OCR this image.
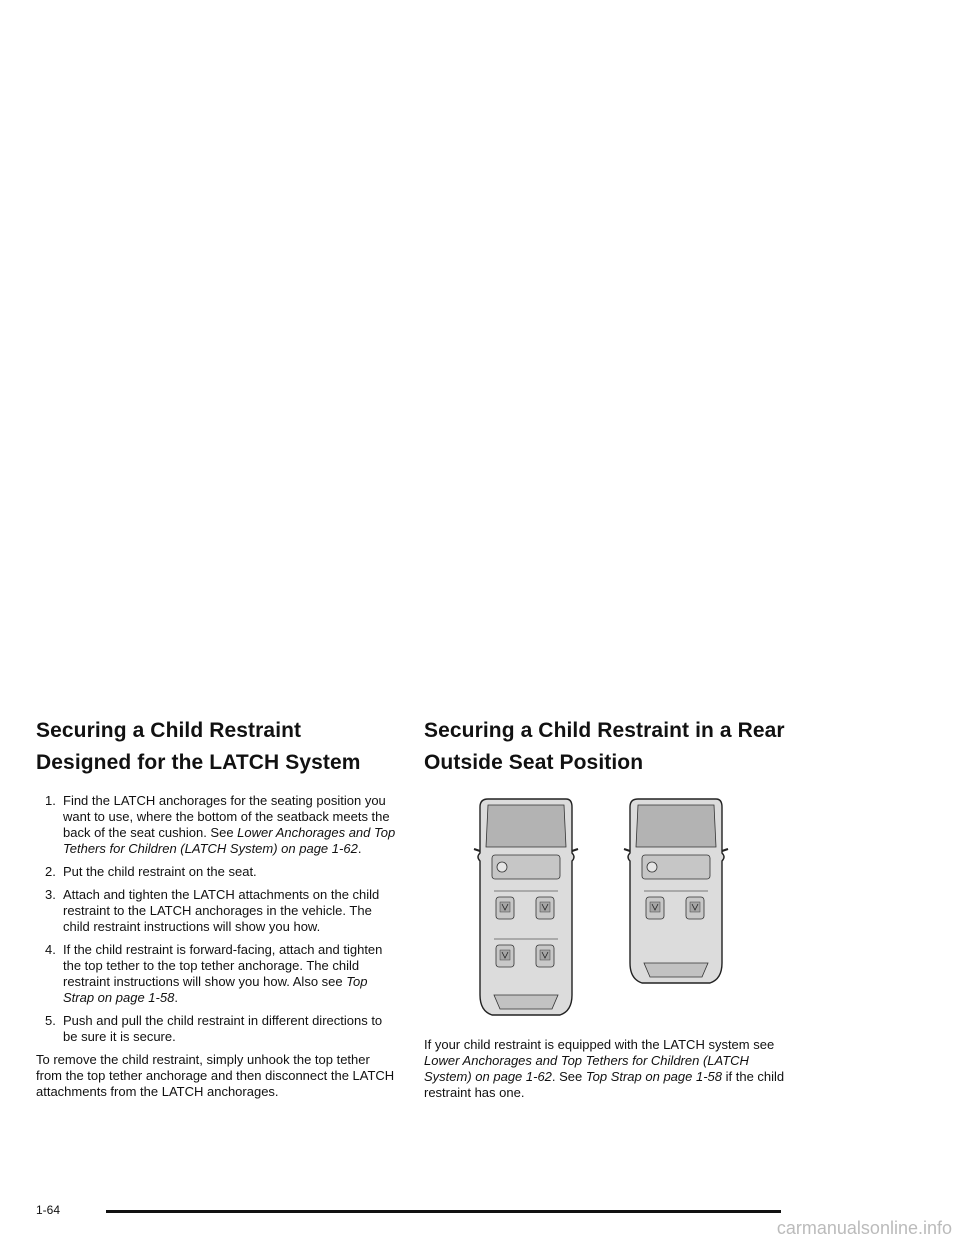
Securing a Child Restraint Designed for the LATCH System
1. Find the LATCH anchorages for the seating position you want to use, where the bottom of the seatback meets the back of the seat cushion. See Lower Anchorages and Top Tethers for Children (LATCH System) on page 1-62.
2. Put the child restraint on the seat.
3. Attach and tighten the LATCH attachments on the child restraint to the LATCH anchorages in the vehicle. The child restraint instructions will show you how.
4. If the child restraint is forward-facing, attach and tighten the top tether to the top tether anchorage. The child restraint instructions will show you how. Also see Top Strap on page 1-58.
5. Push and pull the child restraint in different directions to be sure it is secure.

To remove the child restraint, simply unhook the top tether from the top tether anchorage and then disconnect the LATCH attachments from the LATCH anchorages.

Securing a Child Restraint in a Rear Outside Seat Position

If your child restraint is equipped with the LATCH system see Lower Anchorages and Top Tethers for Children (LATCH System) on page 1-62. See Top Strap on page 1-58 if the child restraint has one.

1-64
carmanualsonline.info
